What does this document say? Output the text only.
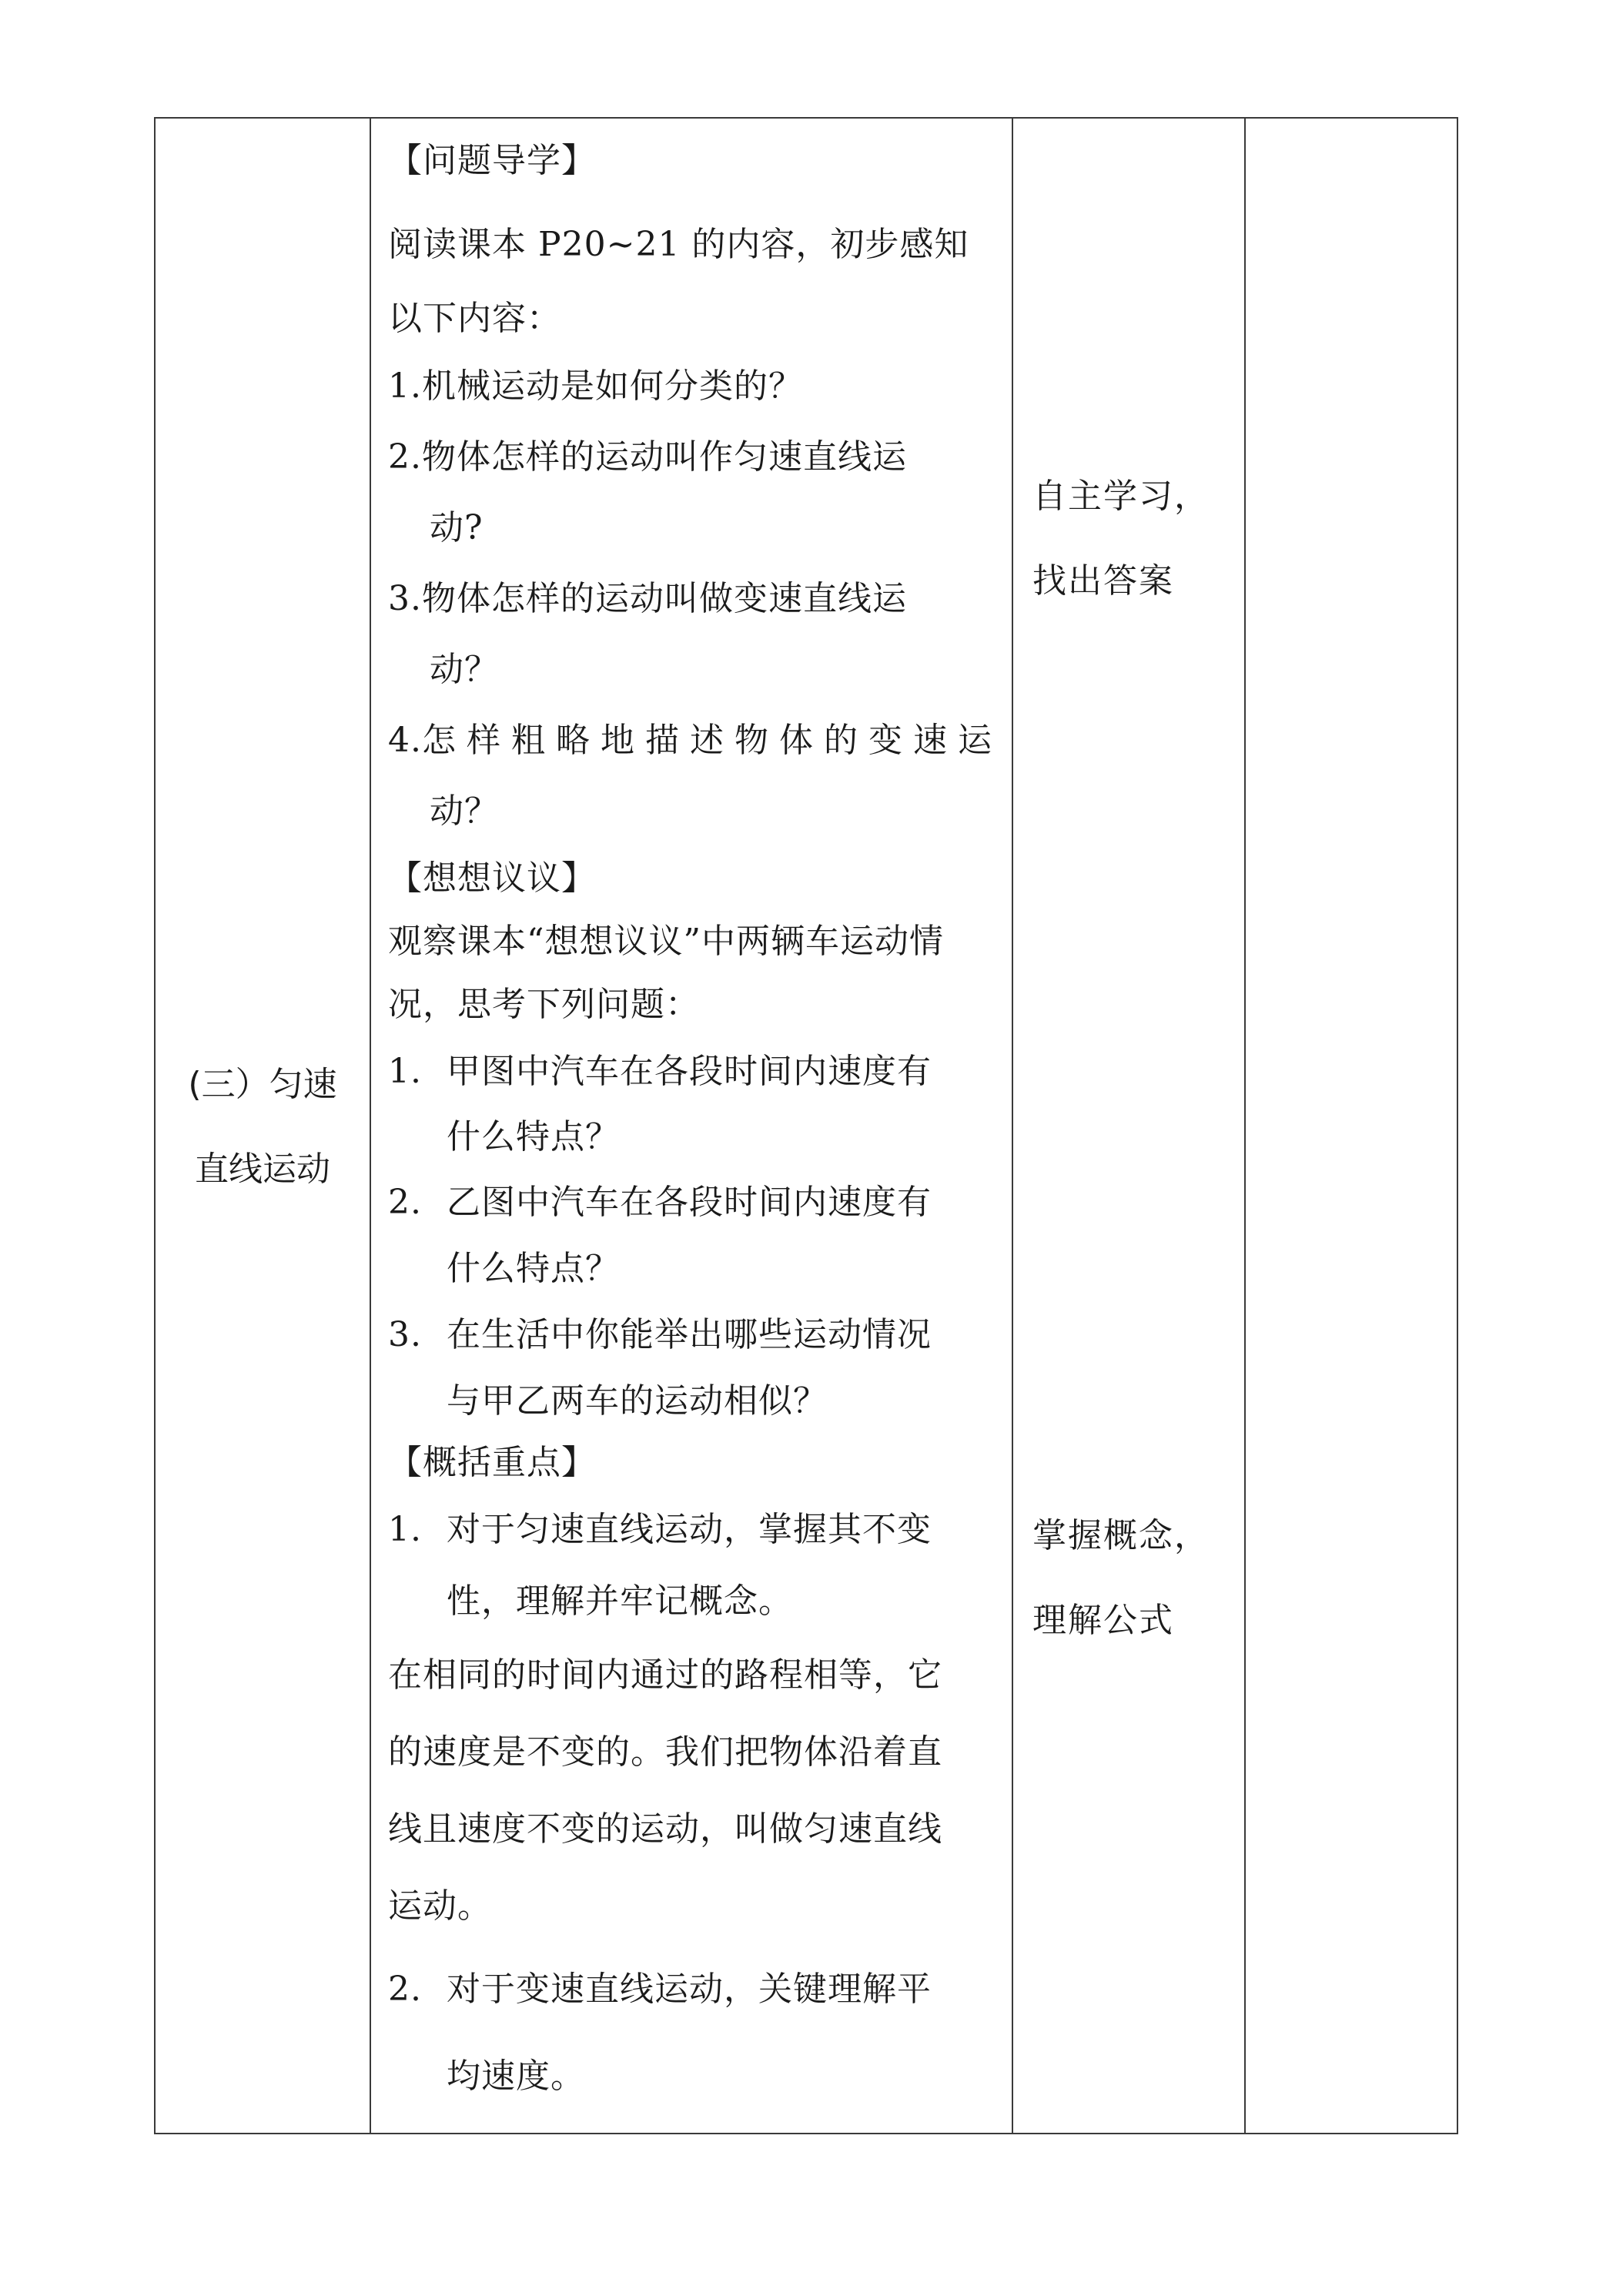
(三）匀速
直线运动
【问题导学】
阅读课本 P20~21 的内容，初步感知
以下内容：
1.机械运动是如何分类的？
2.物体怎样的运动叫作匀速直线运
动?
3.物体怎样的运动叫做变速直线运
动？
4.怎样粗略地描述物体的变速运
动？
【想想议议】
观察课本“想想议议”中两辆车运动情
况，思考下列问题：
1. 甲图中汽车在各段时间内速度有
什么特点？
2. 乙图中汽车在各段时间内速度有
什么特点？
3. 在生活中你能举出哪些运动情况
与甲乙两车的运动相似？
【概括重点】
1. 对于匀速直线运动，掌握其不变
性，理解并牢记概念。
在相同的时间内通过的路程相等，它
的速度是不变的。我们把物体沿着直
线且速度不变的运动，叫做匀速直线
运动。
2. 对于变速直线运动，关键理解平
均速度。
自主学习，
找出答案
掌握概念，
理解公式
